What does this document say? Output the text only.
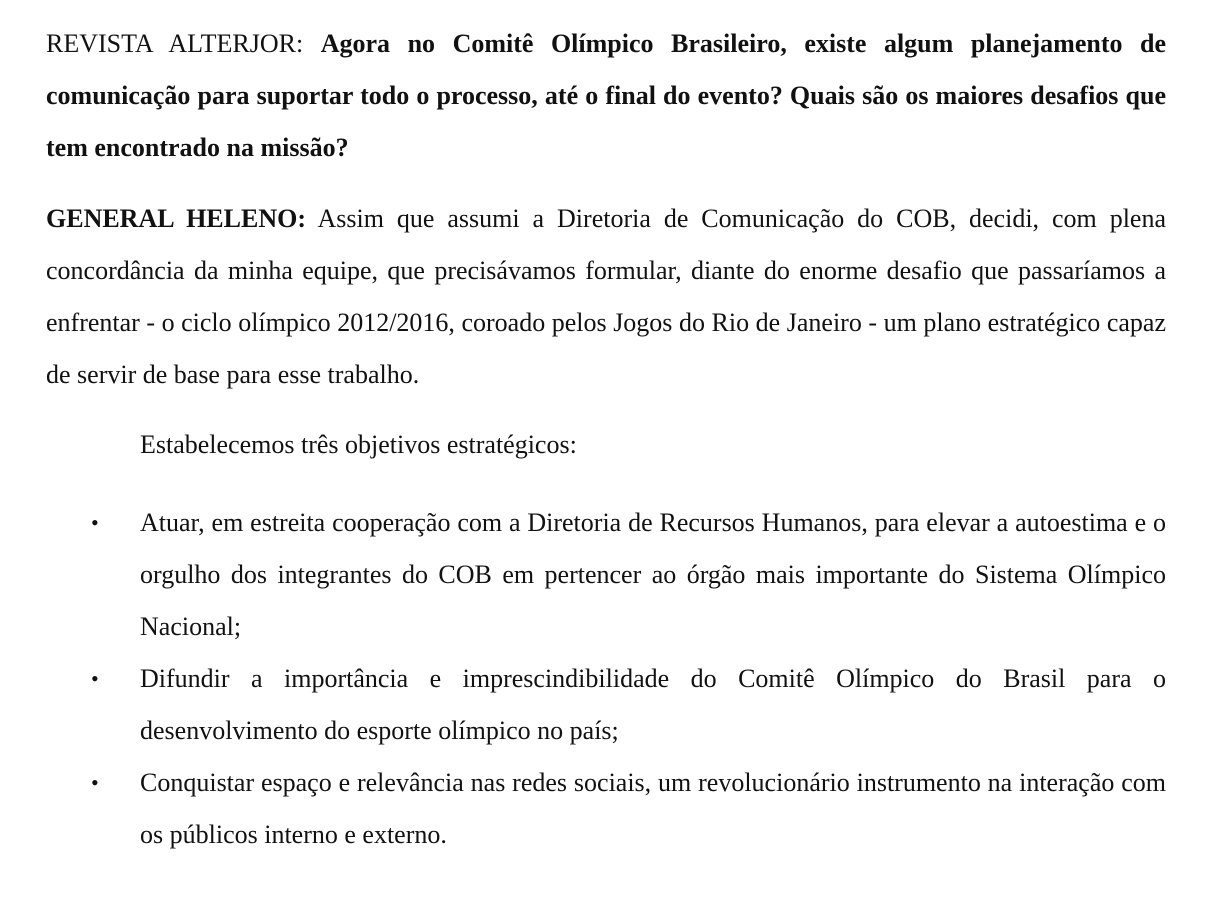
REVISTA ALTERJOR: Agora no Comitê Olímpico Brasileiro, existe algum planejamento de comunicação para suportar todo o processo, até o final do evento? Quais são os maiores desafios que tem encontrado na missão?

GENERAL HELENO: Assim que assumi a Diretoria de Comunicação do COB, decidi, com plena concordância da minha equipe, que precisávamos formular, diante do enorme desafio que passaríamos a enfrentar - o ciclo olímpico 2012/2016, coroado pelos Jogos do Rio de Janeiro - um plano estratégico capaz de servir de base para esse trabalho.

Estabelecemos três objetivos estratégicos:

• Atuar, em estreita cooperação com a Diretoria de Recursos Humanos, para elevar a autoestima e o orgulho dos integrantes do COB em pertencer ao órgão mais importante do Sistema Olímpico Nacional;
• Difundir a importância e imprescindibilidade do Comitê Olímpico do Brasil para o desenvolvimento do esporte olímpico no país;
• Conquistar espaço e relevância nas redes sociais, um revolucionário instrumento na interação com os públicos interno e externo.
